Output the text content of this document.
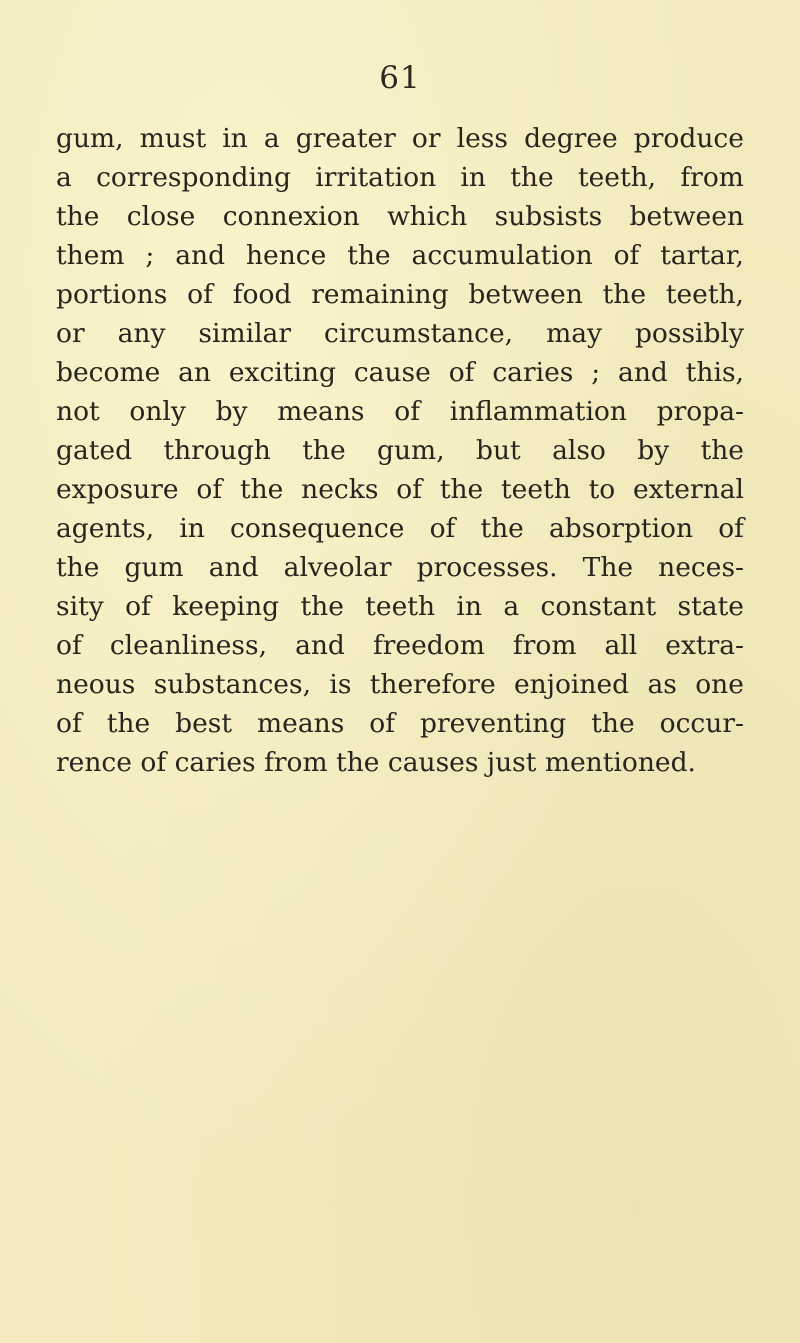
61
gum, must in a greater or less degree produce
a corresponding irritation in the teeth, from
the close connexion which subsists between
them ; and hence the accumulation of tartar,
portions of food remaining between the teeth,
or any similar circumstance, may possibly
become an exciting cause of caries ; and this,
not only by means of inflammation propa-
gated through the gum, but also by the
exposure of the necks of the teeth to external
agents, in consequence of the absorption of
the gum and alveolar processes. The neces-
sity of keeping the teeth in a constant state
of cleanliness, and freedom from all extra-
neous substances, is therefore enjoined as one
of the best means of preventing the occur-
rence of caries from the causes just mentioned.
